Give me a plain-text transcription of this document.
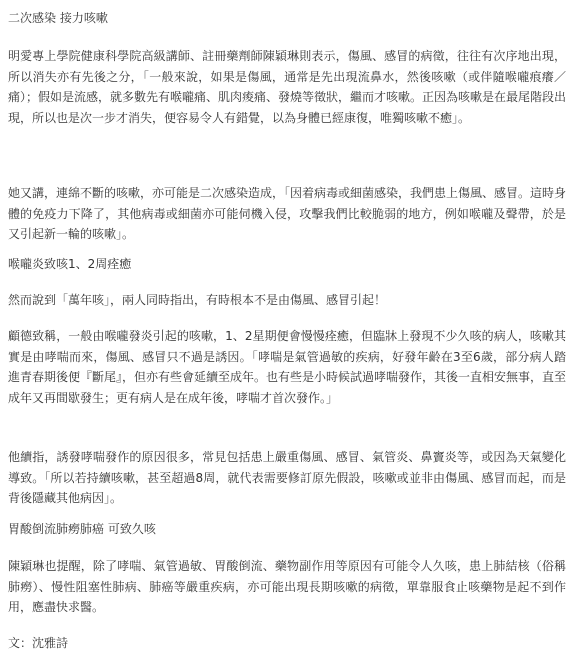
二次感染 接力咳嗽

明愛專上學院健康科學院高級講師、註冊藥劑師陳穎琳則表示，傷風、感冒的病徵，往往有次序地出現，所以消失亦有先後之分，「一般來說，如果是傷風，通常是先出現流鼻水，然後咳嗽（或伴隨喉嚨痕癢／痛）；假如是流感，就多數先有喉嚨痛、肌肉痠痛、發燒等徵狀，繼而才咳嗽。正因為咳嗽是在最尾階段出現，所以也是次一步才消失，便容易令人有錯覺，以為身體已經康復，唯獨咳嗽不癒」。

她又講，連綿不斷的咳嗽，亦可能是二次感染造成，「因着病毒或細菌感染，我們患上傷風、感冒。這時身體的免疫力下降了，其他病毒或細菌亦可能伺機入侵，攻擊我們比較脆弱的地方，例如喉嚨及聲帶，於是又引起新一輪的咳嗽」。

喉嚨炎致咳1、2周痊癒

然而說到「萬年咳」，兩人同時指出，有時根本不是由傷風、感冒引起！

顧德致稱，一般由喉嚨發炎引起的咳嗽，1、2星期便會慢慢痊癒，但臨牀上發現不少久咳的病人，咳嗽其實是由哮喘而來，傷風、感冒只不過是誘因。「哮喘是氣管過敏的疾病，好發年齡在3至6歲，部分病人踏進青春期後便『斷尾』，但亦有些會延續至成年。也有些是小時候試過哮喘發作，其後一直相安無事，直至成年又再間歇發生；更有病人是在成年後，哮喘才首次發作。」

他續指，誘發哮喘發作的原因很多，常見包括患上嚴重傷風、感冒、氣管炎、鼻竇炎等，或因為天氣變化導致。「所以若持續咳嗽，甚至超過8周，就代表需要修訂原先假設，咳嗽或並非由傷風、感冒而起，而是背後隱藏其他病因」。

胃酸倒流肺癆肺癌 可致久咳

陳穎琳也提醒，除了哮喘、氣管過敏、胃酸倒流、藥物副作用等原因有可能令人久咳，患上肺結核（俗稱肺癆）、慢性阻塞性肺病、肺癌等嚴重疾病，亦可能出現長期咳嗽的病徵，單靠服食止咳藥物是起不到作用，應盡快求醫。

文：沈雅詩
